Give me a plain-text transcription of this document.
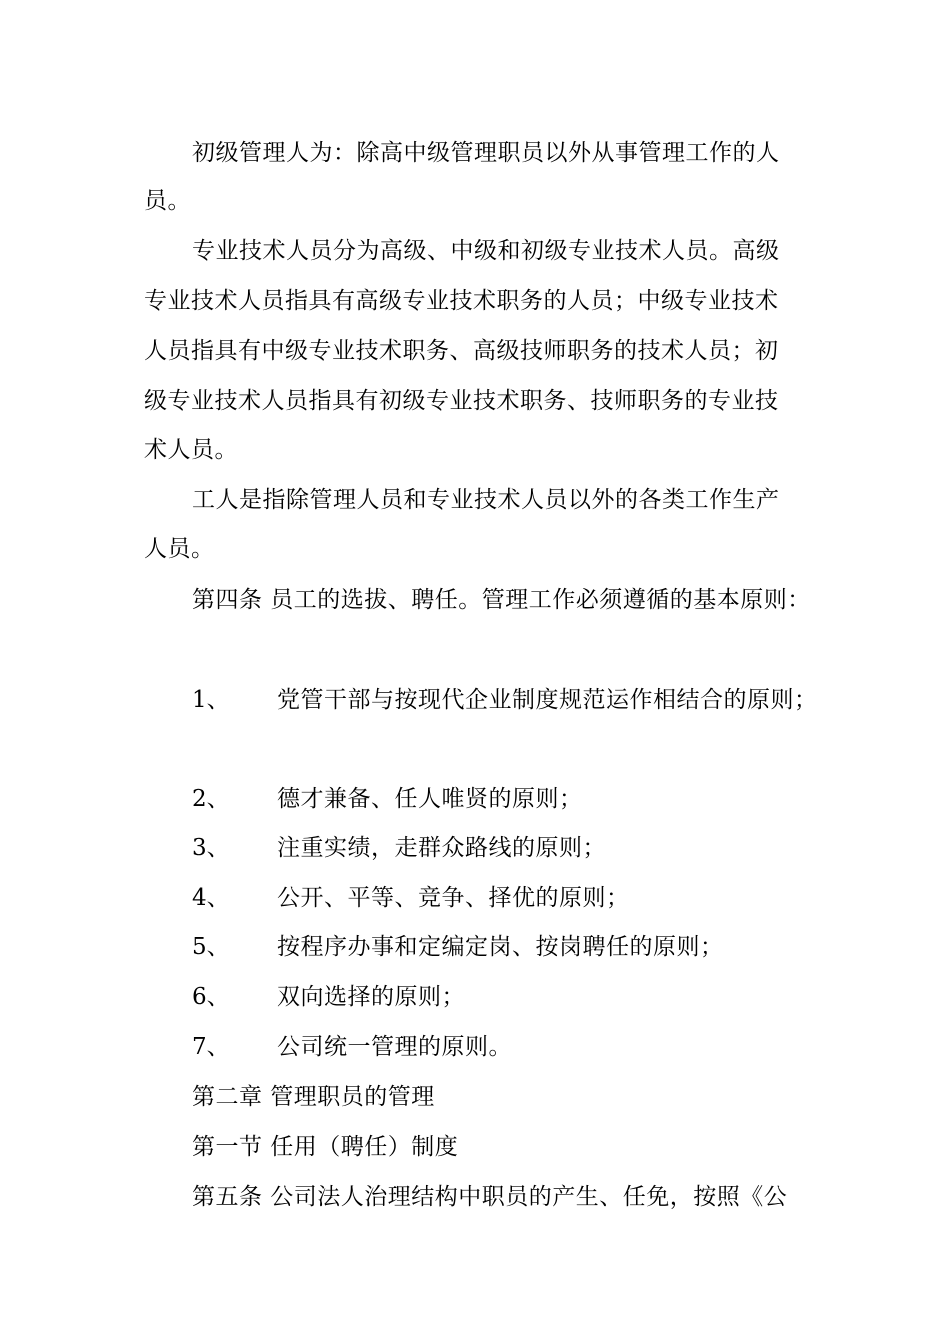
初级管理人为：除高中级管理职员以外从事管理工作的人
员。
专业技术人员分为高级、中级和初级专业技术人员。高级
专业技术人员指具有高级专业技术职务的人员；中级专业技术
人员指具有中级专业技术职务、高级技师职务的技术人员；初
级专业技术人员指具有初级专业技术职务、技师职务的专业技
术人员。
工人是指除管理人员和专业技术人员以外的各类工作生产
人员。
第四条 员工的选拔、聘任。管理工作必须遵循的基本原则：
1、 党管干部与按现代企业制度规范运作相结合的原则；
2、 德才兼备、任人唯贤的原则；
3、 注重实绩，走群众路线的原则；
4、 公开、平等、竞争、择优的原则；
5、 按程序办事和定编定岗、按岗聘任的原则；
6、 双向选择的原则；
7、 公司统一管理的原则。
第二章 管理职员的管理
第一节 任用（聘任）制度
第五条 公司法人治理结构中职员的产生、任免，按照《公
